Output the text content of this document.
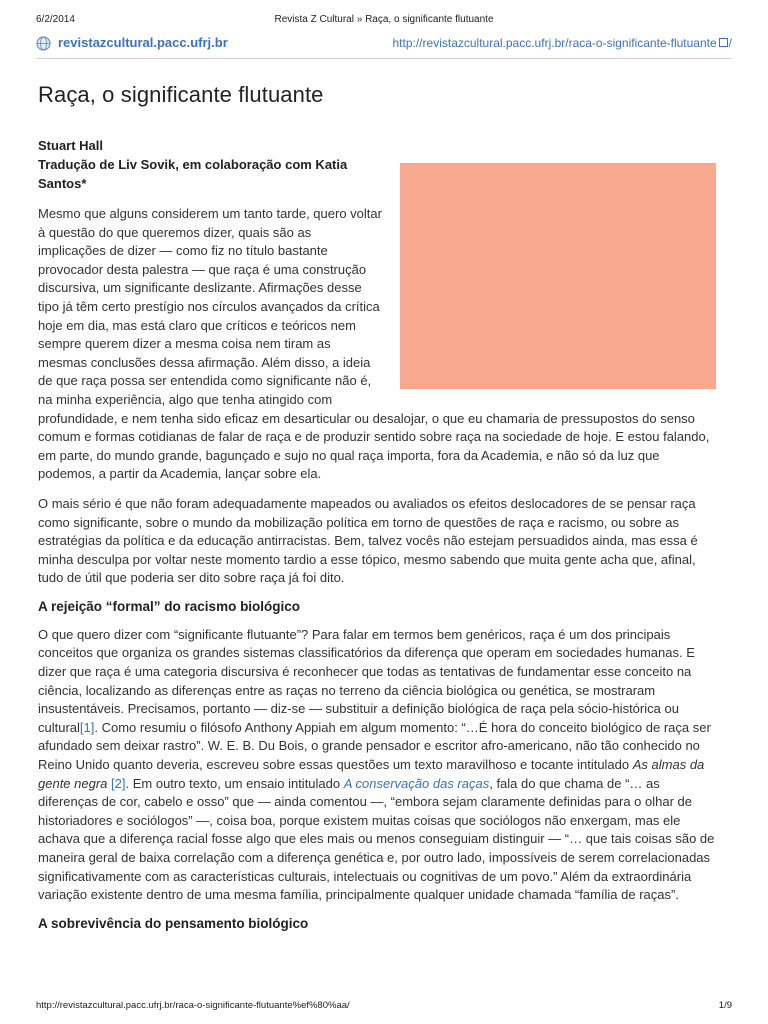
6/2/2014	Revista Z Cultural » Raça, o significante flutuante
revistazcultural.pacc.ufrj.br	http://revistazcultural.pacc.ufrj.br/raca-o-significante-flutuante /
Raça, o significante flutuante
Stuart Hall
Tradução de Liv Sovik, em colaboração com Katia Santos*

Mesmo que alguns considerem um tanto tarde, quero voltar à questão do que queremos dizer, quais são as implicações de dizer — como fiz no título bastante provocador desta palestra — que raça é uma construção discursiva, um significante deslizante. Afirmações desse tipo já têm certo prestígio nos círculos avançados da crítica hoje em dia, mas está claro que críticos e teóricos nem sempre querem dizer a mesma coisa nem tiram as mesmas conclusões dessa afirmação. Além disso, a ideia de que raça possa ser entendida como significante não é, na minha experiência, algo que tenha atingido com profundidade, e nem tenha sido eficaz em desarticular ou desalojar, o que eu chamaria de pressupostos do senso comum e formas cotidianas de falar de raça e de produzir sentido sobre raça na sociedade de hoje. E estou falando, em parte, do mundo grande, bagunçado e sujo no qual raça importa, fora da Academia, e não só da luz que podemos, a partir da Academia, lançar sobre ela.

O mais sério é que não foram adequadamente mapeados ou avaliados os efeitos deslocadores de se pensar raça como significante, sobre o mundo da mobilização política em torno de questões de raça e racismo, ou sobre as estratégias da política e da educação antirracistas. Bem, talvez vocês não estejam persuadidos ainda, mas essa é minha desculpa por voltar neste momento tardio a esse tópico, mesmo sabendo que muita gente acha que, afinal, tudo de útil que poderia ser dito sobre raça já foi dito.

A rejeição “formal” do racismo biológico

O que quero dizer com “significante flutuante”? Para falar em termos bem genéricos, raça é um dos principais conceitos que organiza os grandes sistemas classificatórios da diferença que operam em sociedades humanas. E dizer que raça é uma categoria discursiva é reconhecer que todas as tentativas de fundamentar esse conceito na ciência, localizando as diferenças entre as raças no terreno da ciência biológica ou genética, se mostraram insustentáveis. Precisamos, portanto — diz-se — substituir a definição biológica de raça pela sócio-histórica ou cultural[1]. Como resumiu o filósofo Anthony Appiah em algum momento: “…É hora do conceito biológico de raça ser afundado sem deixar rastro”. W. E. B. Du Bois, o grande pensador e escritor afro-americano, não tão conhecido no Reino Unido quanto deveria, escreveu sobre essas questões um texto maravilhoso e tocante intitulado As almas da gente negra [2]. Em outro texto, um ensaio intitulado A conservação das raças, fala do que chama de “… as diferenças de cor, cabelo e osso” que — ainda comentou —, “embora sejam claramente definidas para o olhar de historiadores e sociólogos” —, coisa boa, porque existem muitas coisas que sociólogos não enxergam, mas ele achava que a diferença racial fosse algo que eles mais ou menos conseguiam distinguir — “… que tais coisas são de maneira geral de baixa correlação com a diferença genética e, por outro lado, impossíveis de serem correlacionadas significativamente com as características culturais, intelectuais ou cognitivas de um povo.” Além da extraordinária variação existente dentro de uma mesma família, principalmente qualquer unidade chamada “família de raças”.

A sobrevivência do pensamento biológico
http://revistazcultural.pacc.ufrj.br/raca-o-significante-flutuante%ef%80%aa/	1/9
